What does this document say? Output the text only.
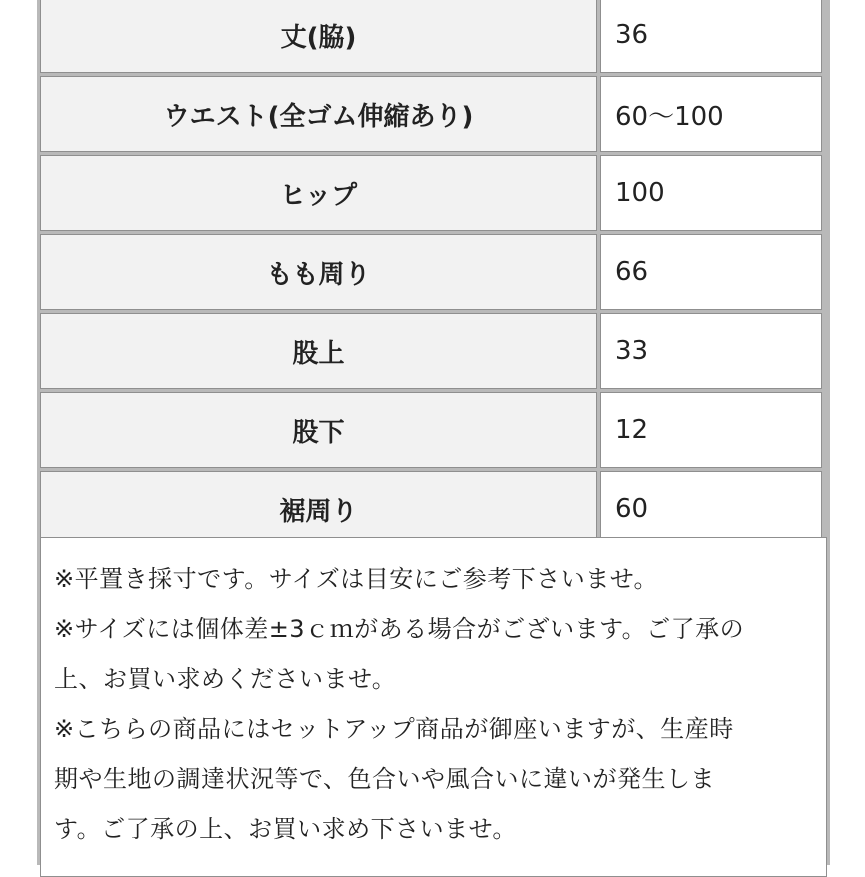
丈(脇)	36
ウエスト(全ゴム伸縮あり)	60〜100
ヒップ	100
もも周り	66
股上	33
股下	12
裾周り	60
※平置き採寸です。サイズは目安にご参考下さいませ。
※サイズには個体差±3ｃｍがある場合がございます。ご了承の
上、お買い求めくださいませ。
※こちらの商品にはセットアップ商品が御座いますが、生産時
期や生地の調達状況等で、色合いや風合いに違いが発生しま
す。ご了承の上、お買い求め下さいませ。
